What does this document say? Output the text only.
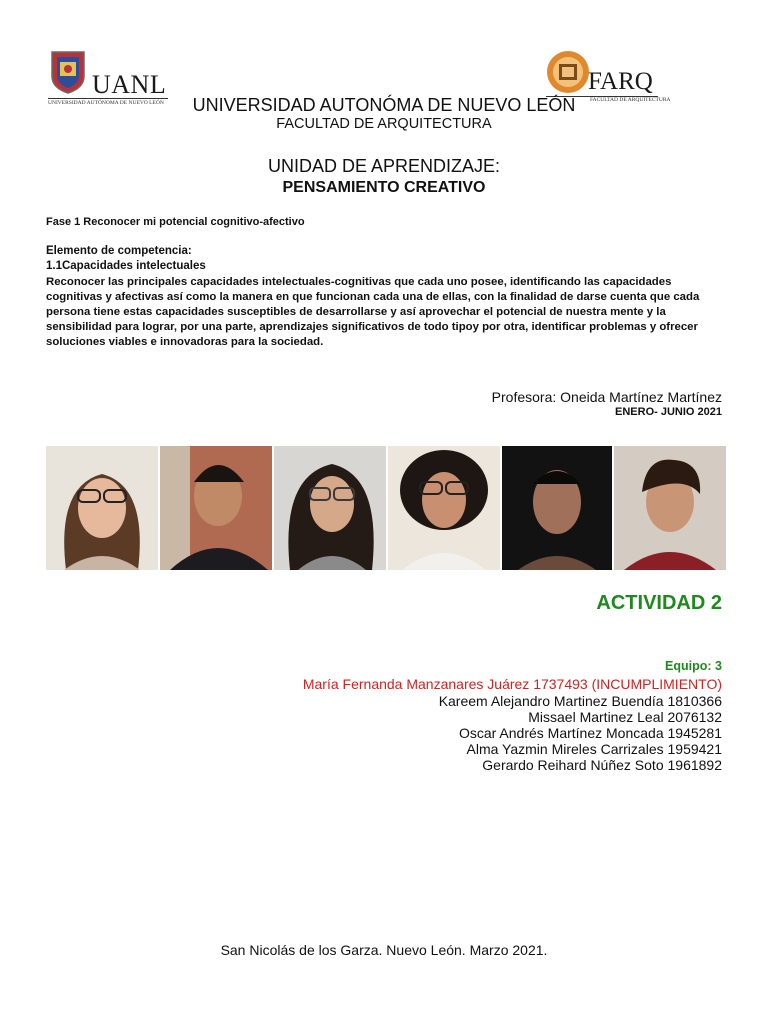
UANL
UNIVERSIDAD AUTÓNOMA DE NUEVO LEÓN
FARQ
FACULTAD DE ARQUITECTURA
UNIVERSIDAD AUTONÓMA DE NUEVO LEÓN
FACULTAD DE ARQUITECTURA
UNIDAD DE APRENDIZAJE:
PENSAMIENTO CREATIVO
Fase 1 Reconocer mi potencial cognitivo-afectivo
Elemento de competencia:
1.1Capacidades intelectuales
Reconocer las principales capacidades intelectuales-cognitivas que cada uno posee, identificando las capacidades cognitivas y afectivas así como la manera en que funcionan cada una de ellas, con la finalidad de darse cuenta que cada persona tiene estas capacidades susceptibles de desarrollarse y así aprovechar el potencial de nuestra mente y la sensibilidad para lograr, por una parte, aprendizajes significativos de todo tipoy por otra, identificar problemas y ofrecer soluciones viables e innovadoras para la sociedad.
Profesora: Oneida Martínez Martínez
ENERO- JUNIO 2021
ACTIVIDAD 2
Equipo: 3
María Fernanda Manzanares Juárez 1737493 (INCUMPLIMIENTO)
Kareem Alejandro Martinez Buendía 1810366
Missael Martinez Leal 2076132
Oscar Andrés Martínez Moncada 1945281
Alma Yazmin Mireles Carrizales 1959421
Gerardo Reihard Núñez Soto 1961892
San Nicolás de los Garza. Nuevo León. Marzo 2021.
